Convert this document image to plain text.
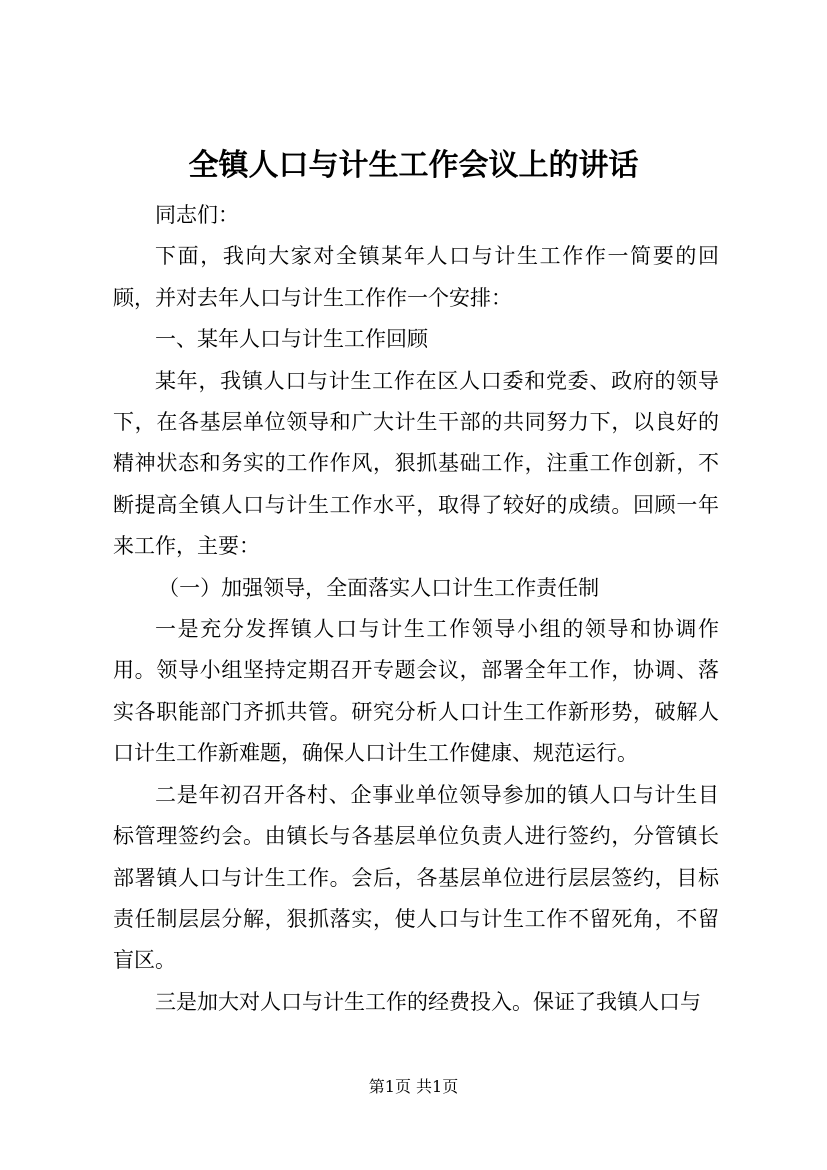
全镇人口与计生工作会议上的讲话

同志们：

下面，我向大家对全镇某年人口与计生工作作一简要的回顾，并对去年人口与计生工作作一个安排：

一、某年人口与计生工作回顾

某年，我镇人口与计生工作在区人口委和党委、政府的领导下，在各基层单位领导和广大计生干部的共同努力下，以良好的精神状态和务实的工作作风，狠抓基础工作，注重工作创新，不断提高全镇人口与计生工作水平，取得了较好的成绩。回顾一年来工作，主要：

（一）加强领导，全面落实人口计生工作责任制

一是充分发挥镇人口与计生工作领导小组的领导和协调作用。领导小组坚持定期召开专题会议，部署全年工作，协调、落实各职能部门齐抓共管。研究分析人口计生工作新形势，破解人口计生工作新难题，确保人口计生工作健康、规范运行。

二是年初召开各村、企事业单位领导参加的镇人口与计生目标管理签约会。由镇长与各基层单位负责人进行签约，分管镇长部署镇人口与计生工作。会后，各基层单位进行层层签约，目标责任制层层分解，狠抓落实，使人口与计生工作不留死角，不留盲区。

三是加大对人口与计生工作的经费投入。保证了我镇人口与

第1页 共1页
